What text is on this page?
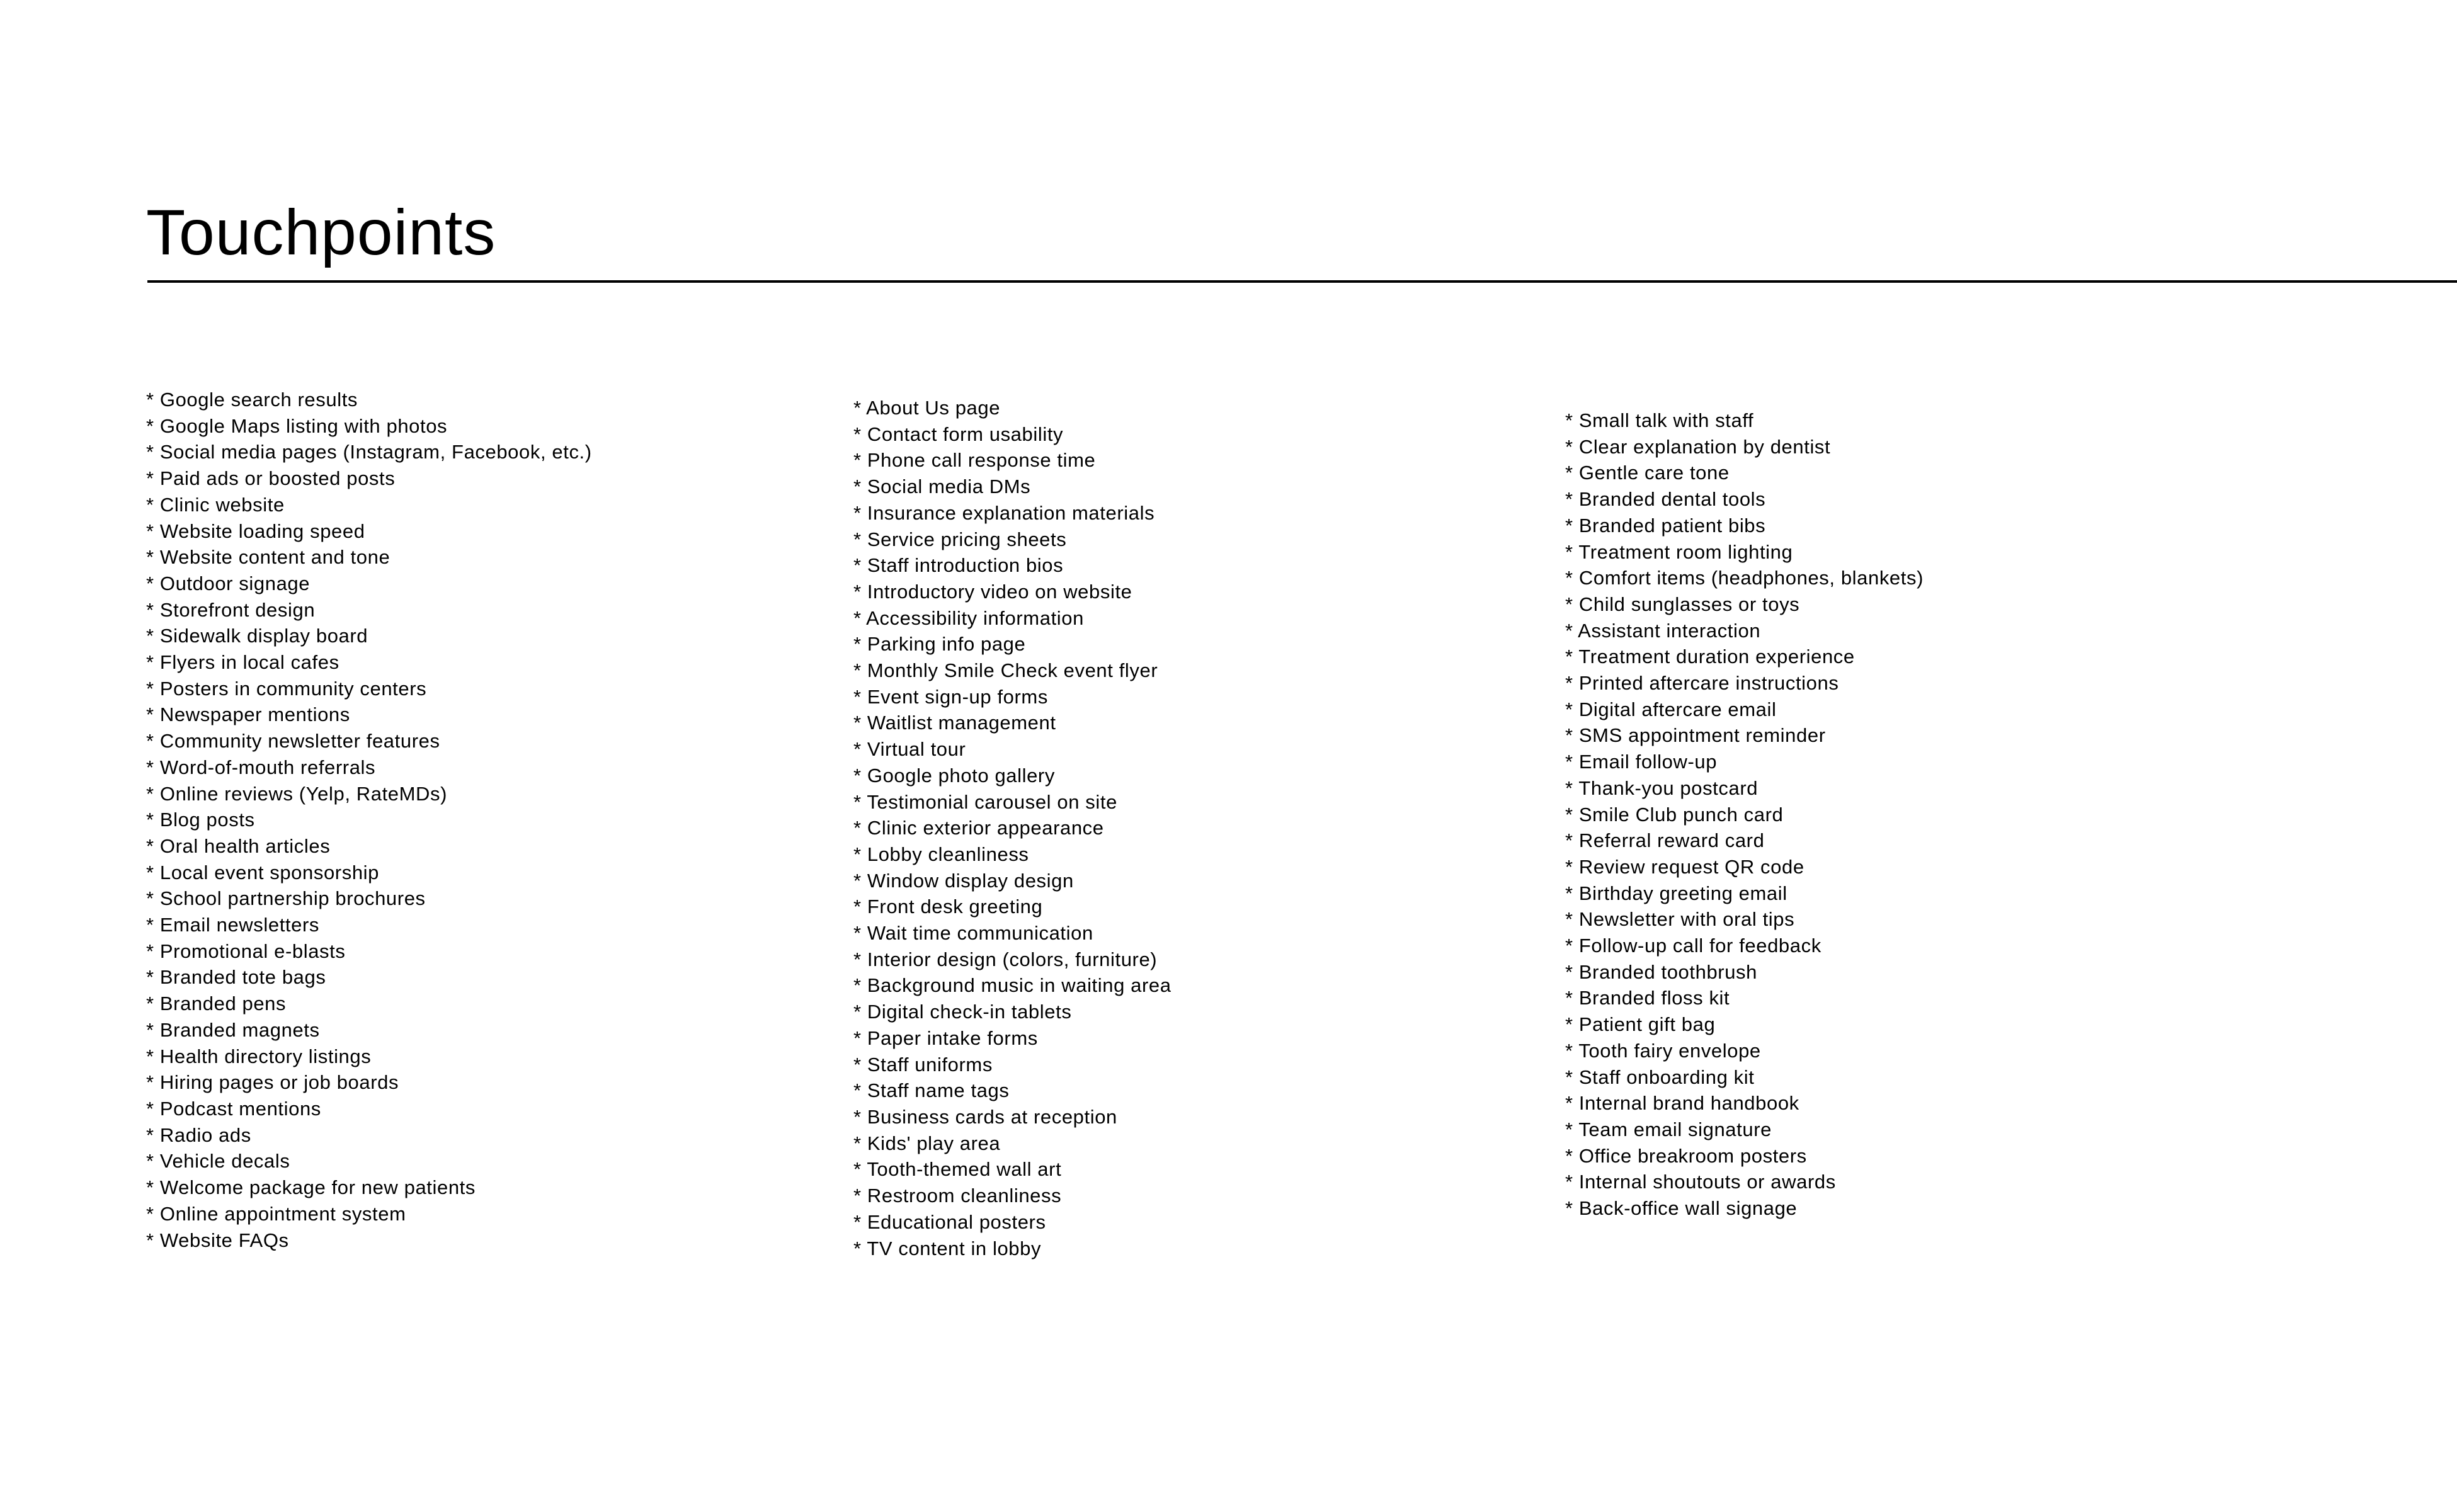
Touchpoints
* Google search results
* Google Maps listing with photos
* Social media pages (Instagram, Facebook, etc.)
* Paid ads or boosted posts
* Clinic website
* Website loading speed
* Website content and tone
* Outdoor signage
* Storefront design
* Sidewalk display board
* Flyers in local cafes
* Posters in community centers
* Newspaper mentions
* Community newsletter features
* Word-of-mouth referrals
* Online reviews (Yelp, RateMDs)
* Blog posts
* Oral health articles
* Local event sponsorship
* School partnership brochures
* Email newsletters
* Promotional e-blasts
* Branded tote bags
* Branded pens
* Branded magnets
* Health directory listings
* Hiring pages or job boards
* Podcast mentions
* Radio ads
* Vehicle decals
* Welcome package for new patients
* Online appointment system
* Website FAQs
* About Us page
* Contact form usability
* Phone call response time
* Social media DMs
* Insurance explanation materials
* Service pricing sheets
* Staff introduction bios
* Introductory video on website
* Accessibility information
* Parking info page
* Monthly Smile Check event flyer
* Event sign-up forms
* Waitlist management
* Virtual tour
* Google photo gallery
* Testimonial carousel on site
* Clinic exterior appearance
* Lobby cleanliness
* Window display design
* Front desk greeting
* Wait time communication
* Interior design (colors, furniture)
* Background music in waiting area
* Digital check-in tablets
* Paper intake forms
* Staff uniforms
* Staff name tags
* Business cards at reception
* Kids' play area
* Tooth-themed wall art
* Restroom cleanliness
* Educational posters
* TV content in lobby
* Small talk with staff
* Clear explanation by dentist
* Gentle care tone
* Branded dental tools
* Branded patient bibs
* Treatment room lighting
* Comfort items (headphones, blankets)
* Child sunglasses or toys
* Assistant interaction
* Treatment duration experience
* Printed aftercare instructions
* Digital aftercare email
* SMS appointment reminder
* Email follow-up
* Thank-you postcard
* Smile Club punch card
* Referral reward card
* Review request QR code
* Birthday greeting email
* Newsletter with oral tips
* Follow-up call for feedback
* Branded toothbrush
* Branded floss kit
* Patient gift bag
* Tooth fairy envelope
* Staff onboarding kit
* Internal brand handbook
* Team email signature
* Office breakroom posters
* Internal shoutouts or awards
* Back-office wall signage
